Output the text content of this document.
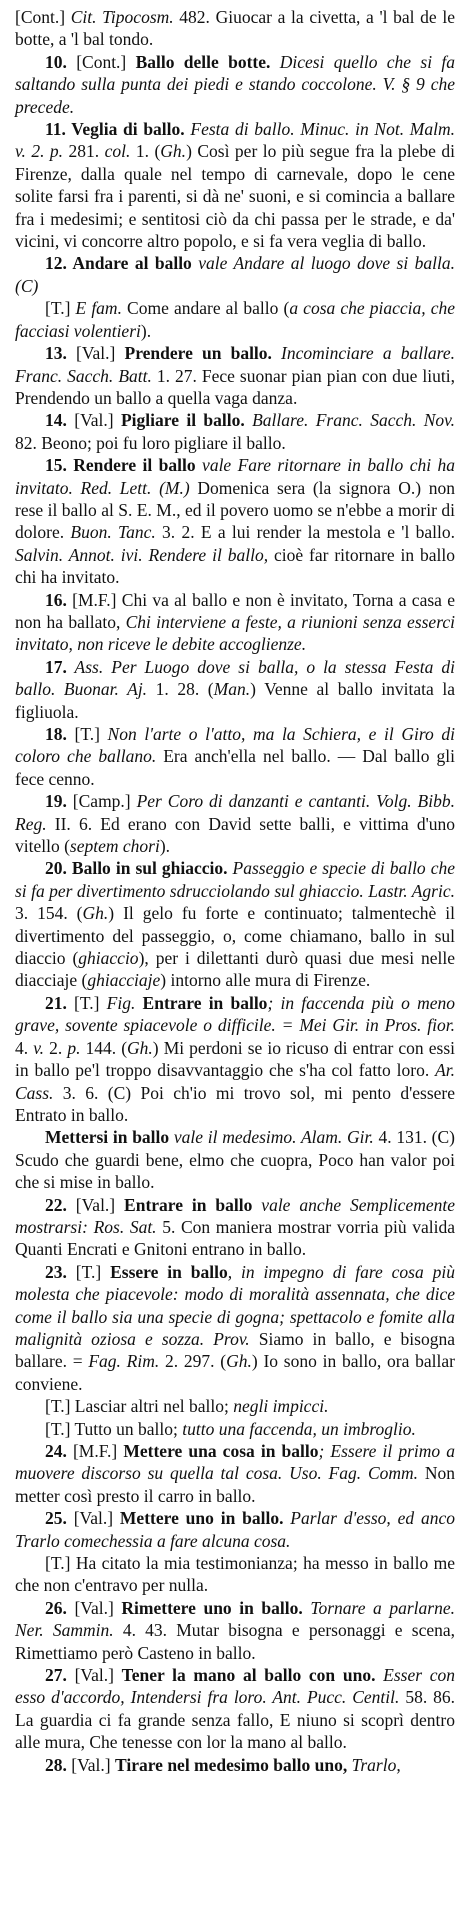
[Cont.] Cit. Tipocosm. 482. Giuocar a la civetta, a 'l bal de le botte, a 'l bal tondo.

10. [Cont.] Ballo delle botte. Dicesi quello che si fa saltando sulla punta dei piedi e stando coccolone. V. § 9 che precede.

11. Veglia di ballo. Festa di ballo. Minuc. in Not. Malm. v. 2. p. 281. col. 1. (Gh.) Così per lo più segue fra la plebe di Firenze, dalla quale nel tempo di carnevale, dopo le cene solite farsi fra i parenti, si dà ne' suoni, e si comincia a ballare fra i medesimi; e sentitosi ciò da chi passa per le strade, e da' vicini, vi concorre altro popolo, e si fa vera veglia di ballo.

12. Andare al ballo vale Andare al luogo dove si balla. (C)

[T.] E fam. Come andare al ballo (a cosa che piaccia, che facciasi volentieri).

13. [Val.] Prendere un ballo. Incominciare a ballare. Franc. Sacch. Batt. 1. 27. Fece suonar pian pian con due liuti, Prendendo un ballo a quella vaga danza.

14. [Val.] Pigliare il ballo. Ballare. Franc. Sacch. Nov. 82. Beono; poi fu loro pigliare il ballo.

15. Rendere il ballo vale Fare ritornare in ballo chi ha invitato. Red. Lett. (M.) Domenica sera (la signora O.) non rese il ballo al S. E. M., ed il povero uomo se n'ebbe a morir di dolore. Buon. Tanc. 3. 2. E a lui render la mestola e 'l ballo. Salvin. Annot. ivi. Rendere il ballo, cioè far ritornare in ballo chi ha invitato.

16. [M.F.] Chi va al ballo e non è invitato, Torna a casa e non ha ballato, Chi interviene a feste, a riunioni senza esserci invitato, non riceve le debite accoglienze.

17. Ass. Per Luogo dove si balla, o la stessa Festa di ballo. Buonar. Aj. 1. 28. (Man.) Venne al ballo invitata la figliuola.

18. [T.] Non l'arte o l'atto, ma la Schiera, e il Giro di coloro che ballano. Era anch'ella nel ballo. — Dal ballo gli fece cenno.

19. [Camp.] Per Coro di danzanti e cantanti. Volg. Bibb. Reg. II. 6. Ed erano con David sette balli, e vittima d'uno vitello (septem chori).

20. Ballo in sul ghiaccio. Passeggio e specie di ballo che si fa per divertimento sdrucciolando sul ghiaccio. Lastr. Agric. 3. 154. (Gh.) Il gelo fu forte e continuato; talmentechè il divertimento del passeggio, o, come chiamano, ballo in sul diaccio (ghiaccio), per i dilettanti durò quasi due mesi nelle diacciaje (ghiacciaje) intorno alle mura di Firenze.

21. [T.] Fig. Entrare in ballo; in faccenda più o meno grave, sovente spiacevole o difficile. = Mei Gir. in Pros. fior. 4. v. 2. p. 144. (Gh.) Mi perdoni se io ricuso di entrar con essi in ballo pe'l troppo disavvantaggio che s'ha col fatto loro. Ar. Cass. 3. 6. (C) Poi ch'io mi trovo sol, mi pento d'essere Entrato in ballo.

Mettersi in ballo vale il medesimo. Alam. Gir. 4. 131. (C) Scudo che guardi bene, elmo che cuopra, Poco han valor poi che si mise in ballo.

22. [Val.] Entrare in ballo vale anche Semplicemente mostrarsi: Ros. Sat. 5. Con maniera mostrar vorria più valida Quanti Encrati e Gnitoni entrano in ballo.

23. [T.] Essere in ballo, in impegno di fare cosa più molesta che piacevole: modo di moralità assennata, che dice come il ballo sia una specie di gogna; spettacolo e fomite alla malignità oziosa e sozza. Prov. Siamo in ballo, e bisogna ballare. = Fag. Rim. 2. 297. (Gh.) Io sono in ballo, ora ballar conviene.

[T.] Lasciar altri nel ballo; negli impicci.

[T.] Tutto un ballo; tutto una faccenda, un imbroglio.

24. [M.F.] Mettere una cosa in ballo; Essere il primo a muovere discorso su quella tal cosa. Uso. Fag. Comm. Non metter così presto il carro in ballo.

25. [Val.] Mettere uno in ballo. Parlar d'esso, ed anco Trarlo comechessia a fare alcuna cosa.

[T.] Ha citato la mia testimonianza; ha messo in ballo me che non c'entravo per nulla.

26. [Val.] Rimettere uno in ballo. Tornare a parlarne. Ner. Sammin. 4. 43. Mutar bisogna e personaggi e scena, Rimettiamo però Casteno in ballo.

27. [Val.] Tener la mano al ballo con uno. Esser con esso d'accordo, Intendersi fra loro. Ant. Pucc. Centil. 58. 86. La guardia ci fa grande senza fallo, E niuno si scoprì dentro alle mura, Che tenesse con lor la mano al ballo.

28. [Val.] Tirare nel medesimo ballo uno, Trarlo,
